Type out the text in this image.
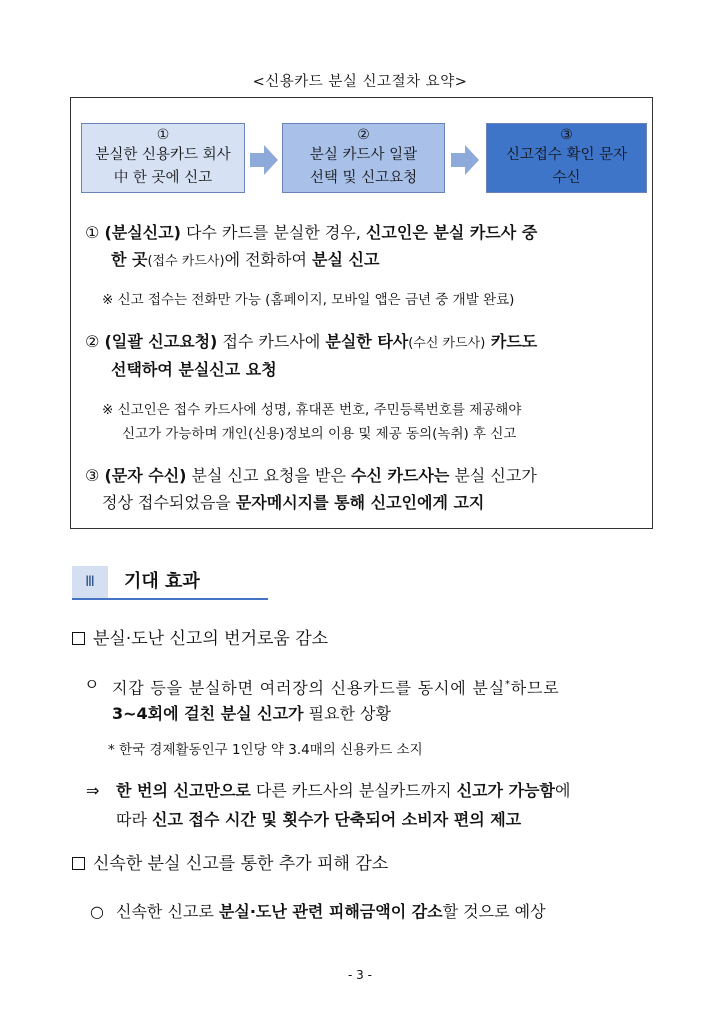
<신용카드 분실 신고절차 요약>
①
분실한 신용카드 회사
中 한 곳에 신고
②
분실 카드사 일괄
선택 및 신고요청
③
신고접수 확인 문자
수신
① (분실신고) 다수 카드를 분실한 경우, 신고인은 분실 카드사 중
한 곳(접수 카드사)에 전화하여 분실 신고
※ 신고 접수는 전화만 가능 (홈페이지, 모바일 앱은 금년 중 개발 완료)
② (일괄 신고요청) 접수 카드사에 분실한 타사(수신 카드사) 카드도
선택하여 분실신고 요청
※ 신고인은 접수 카드사에 성명, 휴대폰 번호, 주민등록번호를 제공해야
신고가 가능하며 개인(신용)정보의 이용 및 제공 동의(녹취) 후 신고
③ (문자 수신) 분실 신고 요청을 받은 수신 카드사는 분실 신고가
정상 접수되었음을 문자메시지를 통해 신고인에게 고지
Ⅲ	기대 효과
분실·도난 신고의 번거로움 감소
ㅇ 지갑 등을 분실하면 여러장의 신용카드를 동시에 분실*하므로
3~4회에 걸친 분실 신고가 필요한 상황
* 한국 경제활동인구 1인당 약 3.4매의 신용카드 소지
⇒ 한 번의 신고만으로 다른 카드사의 분실카드까지 신고가 가능함에
따라 신고 접수 시간 및 횟수가 단축되어 소비자 편의 제고
신속한 분실 신고를 통한 추가 피해 감소
○ 신속한 신고로 분실·도난 관련 피해금액이 감소할 것으로 예상
- 3 -
